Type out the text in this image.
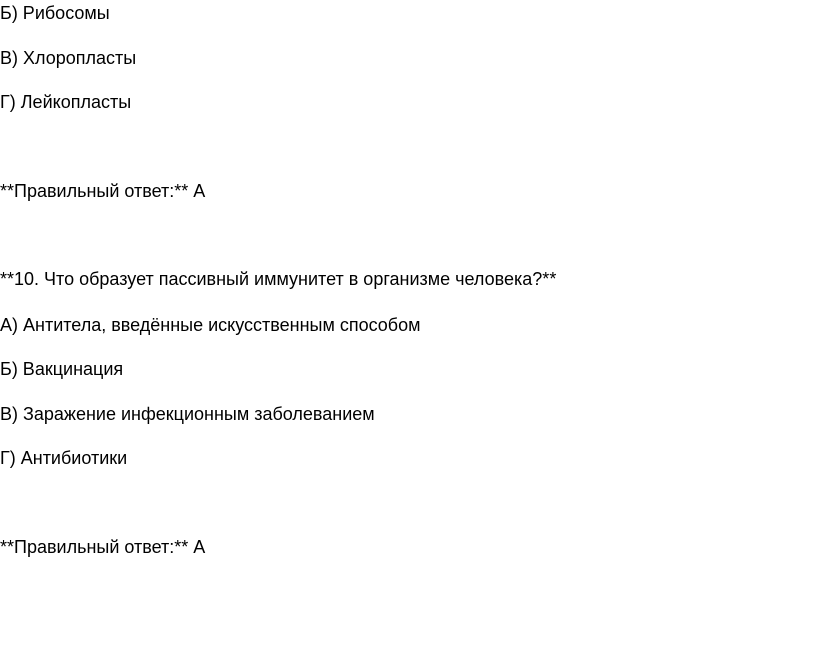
Б) Рибосомы

В) Хлоропласты

Г) Лейкопласты

**Правильный ответ:** А

**10. Что образует пассивный иммунитет в организме человека?**

А) Антитела, введённые искусственным способом

Б) Вакцинация

В) Заражение инфекционным заболеванием

Г) Антибиотики

**Правильный ответ:** А
